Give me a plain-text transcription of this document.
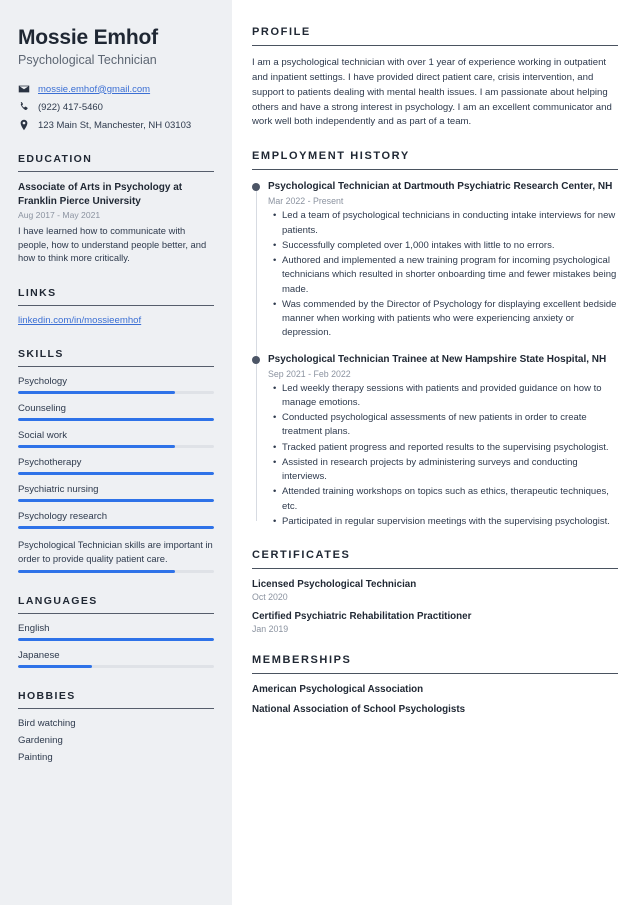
Mossie Emhof
Psychological Technician
mossie.emhof@gmail.com
(922) 417-5460
123 Main St, Manchester, NH 03103
EDUCATION
Associate of Arts in Psychology at Franklin Pierce University
Aug 2017 - May 2021
I have learned how to communicate with people, how to understand people better, and how to think more critically.
LINKS
linkedin.com/in/mossieemhof
SKILLS
Psychology
Counseling
Social work
Psychotherapy
Psychiatric nursing
Psychology research
Psychological Technician skills are important in order to provide quality patient care.
LANGUAGES
English
Japanese
HOBBIES
Bird watching
Gardening
Painting
PROFILE

I am a psychological technician with over 1 year of experience working in outpatient and inpatient settings. I have provided direct patient care, crisis intervention, and support to patients dealing with mental health issues. I am passionate about helping others and have a strong interest in psychology. I am an excellent communicator and work well both independently and as part of a team.

EMPLOYMENT HISTORY
Psychological Technician at Dartmouth Psychiatric Research Center, NH
Mar 2022 - Present
• Led a team of psychological technicians in conducting intake interviews for new patients.
• Successfully completed over 1,000 intakes with little to no errors.
• Authored and implemented a new training program for incoming psychological technicians which resulted in shorter onboarding time and fewer mistakes being made.
• Was commended by the Director of Psychology for displaying excellent bedside manner when working with patients who were experiencing anxiety or depression.
Psychological Technician Trainee at New Hampshire State Hospital, NH
Sep 2021 - Feb 2022
• Led weekly therapy sessions with patients and provided guidance on how to manage emotions.
• Conducted psychological assessments of new patients in order to create treatment plans.
• Tracked patient progress and reported results to the supervising psychologist.
• Assisted in research projects by administering surveys and conducting interviews.
• Attended training workshops on topics such as ethics, therapeutic techniques, etc.
• Participated in regular supervision meetings with the supervising psychologist.
CERTIFICATES
Licensed Psychological Technician
Oct 2020
Certified Psychiatric Rehabilitation Practitioner
Jan 2019
MEMBERSHIPS
American Psychological Association
National Association of School Psychologists
